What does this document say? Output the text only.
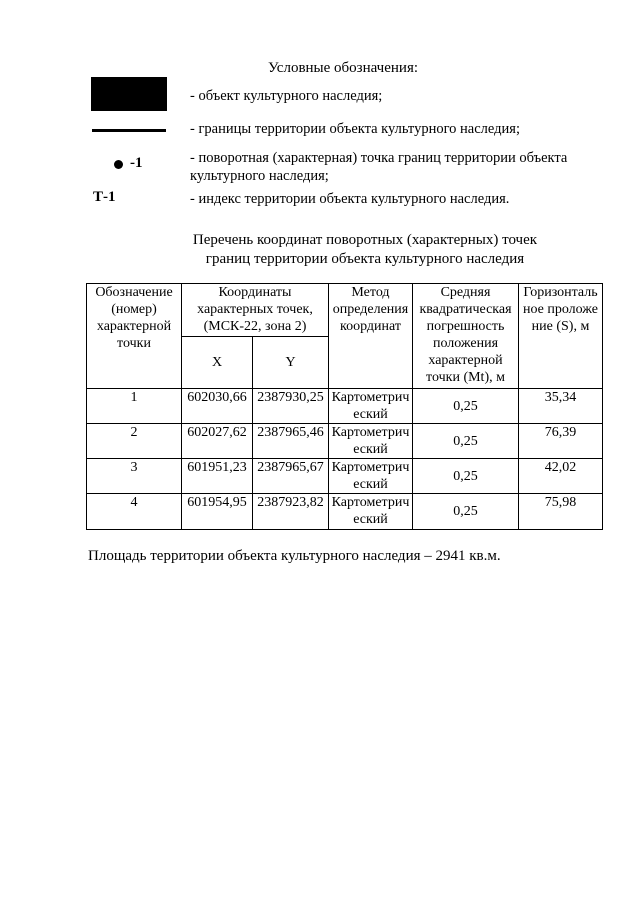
Условные обозначения:
- объект культурного наследия;
- границы территории объекта культурного наследия;
-1	- поворотная (характерная) точка границ территории объекта культурного наследия;
Т-1	- индекс территории объекта культурного наследия.
Перечень координат поворотных (характерных) точек
границ территории объекта культурного наследия
Обозначение (номер) характерной точки	Координаты характерных точек, (МСК-22, зона 2)		Метод определения координат	Средняя квадратическая погрешность положения характерной точки (Mt), м	Горизонтальное проложение (S), м
	X	Y			
1	602030,66	2387930,25	Картометрический	0,25	35,34
2	602027,62	2387965,46	Картометрический	0,25	76,39
3	601951,23	2387965,67	Картометрический	0,25	42,02
4	601954,95	2387923,82	Картометрический	0,25	75,98
Площадь территории объекта культурного наследия – 2941 кв.м.
